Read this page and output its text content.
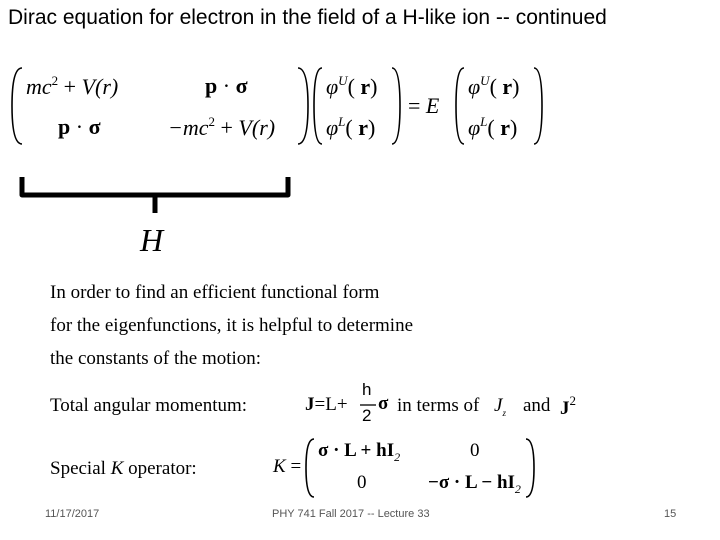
Dirac equation for electron in the field of a H-like ion -- continued
$mc^2 + V(r)$	p · σ
p · σ	$-mc^2 + V(r)$
$\varphi^U$( r)
$\varphi^L$( r)
= E
$\varphi^U$( r)
$\varphi^L$( r)
H
In order to find an efficient functional form
for the eigenfunctions, it is helpful to determine
the constants of the motion:
Total angular momentum:	J=L+
h
2
σ in terms of $J_z$ and $J^2$
Special K operator:	K =
$\sigma \cdot L + hI_2$	0
0	$-\sigma \cdot L - hI_2$
11/17/2017	PHY 741 Fall 2017 -- Lecture 33	15
